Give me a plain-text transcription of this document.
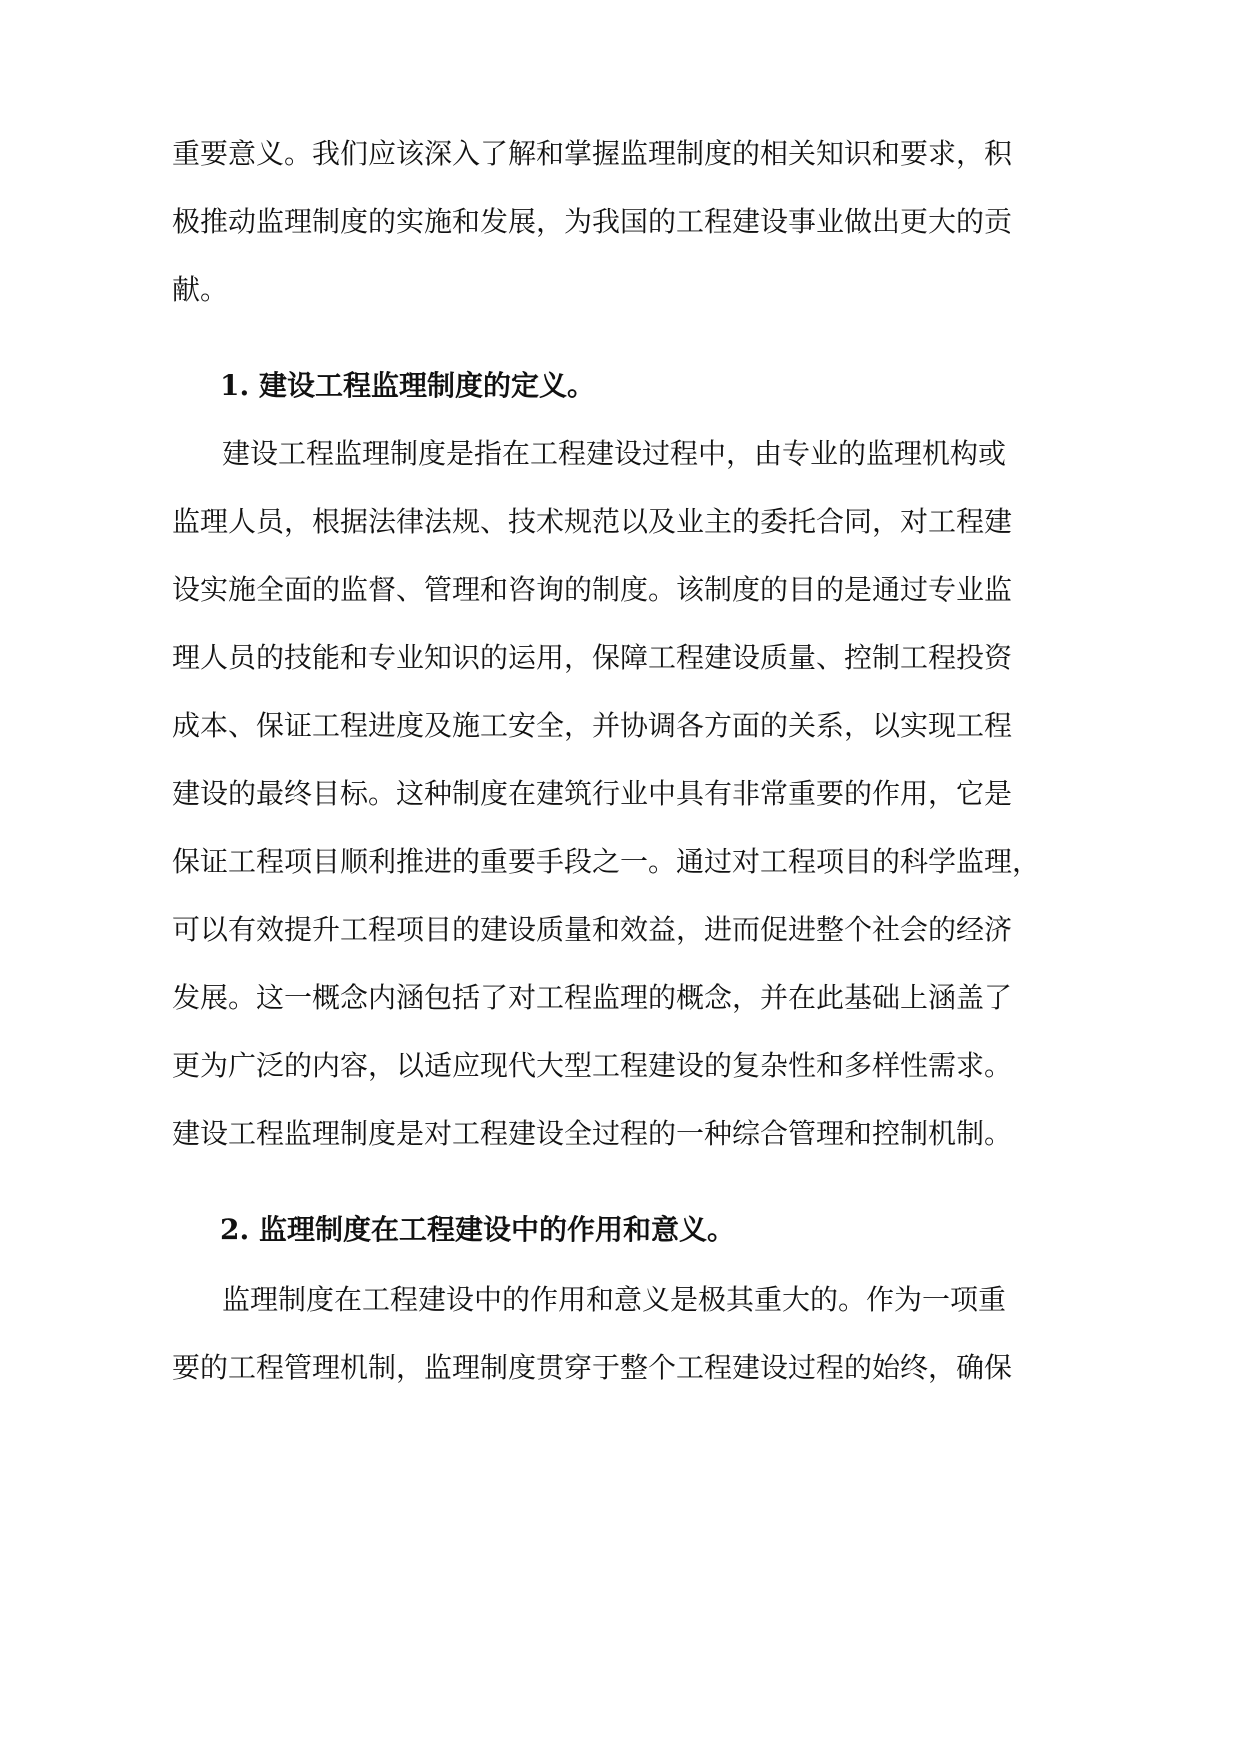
重要意义。我们应该深入了解和掌握监理制度的相关知识和要求，积
极推动监理制度的实施和发展，为我国的工程建设事业做出更大的贡
献。
1. 建设工程监理制度的定义。
建设工程监理制度是指在工程建设过程中，由专业的监理机构或
监理人员，根据法律法规、技术规范以及业主的委托合同，对工程建
设实施全面的监督、管理和咨询的制度。该制度的目的是通过专业监
理人员的技能和专业知识的运用，保障工程建设质量、控制工程投资
成本、保证工程进度及施工安全，并协调各方面的关系，以实现工程
建设的最终目标。这种制度在建筑行业中具有非常重要的作用，它是
保证工程项目顺利推进的重要手段之一。通过对工程项目的科学监理，
可以有效提升工程项目的建设质量和效益，进而促进整个社会的经济
发展。这一概念内涵包括了对工程监理的概念，并在此基础上涵盖了
更为广泛的内容，以适应现代大型工程建设的复杂性和多样性需求。
建设工程监理制度是对工程建设全过程的一种综合管理和控制机制。
2. 监理制度在工程建设中的作用和意义。
监理制度在工程建设中的作用和意义是极其重大的。作为一项重
要的工程管理机制，监理制度贯穿于整个工程建设过程的始终，确保
